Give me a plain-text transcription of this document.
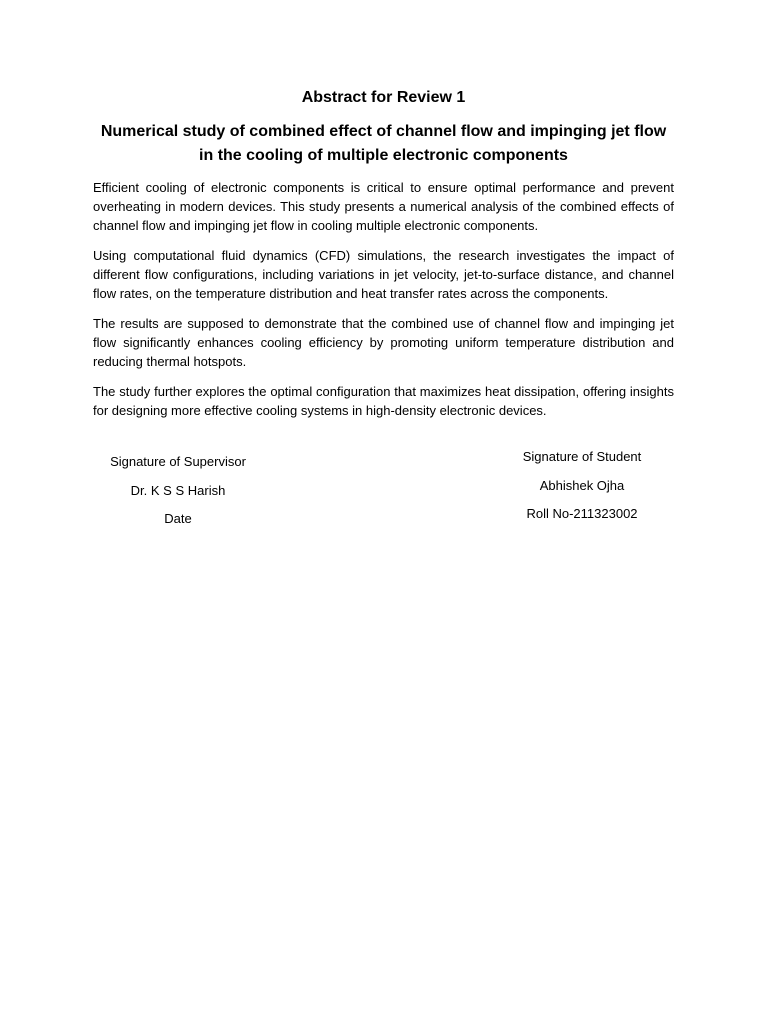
Abstract for Review 1
Numerical study of combined effect of channel flow and impinging jet flow in the cooling of multiple electronic components

Efficient cooling of electronic components is critical to ensure optimal performance and prevent overheating in modern devices. This study presents a numerical analysis of the combined effects of channel flow and impinging jet flow in cooling multiple electronic components.

Using computational fluid dynamics (CFD) simulations, the research investigates the impact of different flow configurations, including variations in jet velocity, jet-to-surface distance, and channel flow rates, on the temperature distribution and heat transfer rates across the components.

The results are supposed to demonstrate that the combined use of channel flow and impinging jet flow significantly enhances cooling efficiency by promoting uniform temperature distribution and reducing thermal hotspots.

The study further explores the optimal configuration that maximizes heat dissipation, offering insights for designing more effective cooling systems in high-density electronic devices.

Signature of Supervisor
Dr. K S S Harish
Date
Signature of Student
Abhishek Ojha
Roll No-211323002
